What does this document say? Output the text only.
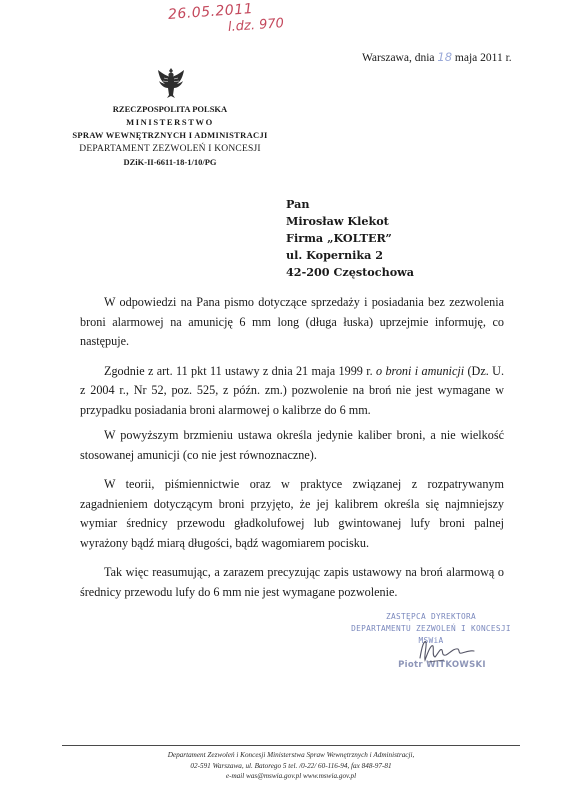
26.05.2011
l.dz. 970
Warszawa, dnia 18 maja 2011 r.
RZECZPOSPOLITA POLSKA
MINISTERSTWO
SPRAW WEWNĘTRZNYCH I ADMINISTRACJI
DEPARTAMENT ZEZWOLEŃ I KONCESJI
DZiK-II-6611-18-1/10/PG
Pan
Mirosław Klekot
Firma „KOLTER”
ul. Kopernika 2
42-200 Częstochowa

W odpowiedzi na Pana pismo dotyczące sprzedaży i posiadania bez zezwolenia broni alarmowej na amunicję 6 mm long (długa łuska) uprzejmie informuję, co następuje.

Zgodnie z art. 11 pkt 11 ustawy z dnia 21 maja 1999 r. o broni i amunicji (Dz. U. z 2004 r., Nr 52, poz. 525, z późn. zm.) pozwolenie na broń nie jest wymagane w przypadku posiadania broni alarmowej o kalibrze do 6 mm.

W powyższym brzmieniu ustawa określa jedynie kaliber broni, a nie wielkość stosowanej amunicji (co nie jest równoznaczne).

W teorii, piśmiennictwie oraz w praktyce związanej z rozpatrywanym zagadnieniem dotyczącym broni przyjęto, że jej kalibrem określa się najmniejszy wymiar średnicy przewodu gładkolufowej lub gwintowanej lufy broni palnej wyrażony bądź miarą długości, bądź wagomiarem pocisku.

Tak więc reasumując, a zarazem precyzując zapis ustawowy na broń alarmową o średnicy przewodu lufy do 6 mm nie jest wymagane pozwolenie.

ZASTĘPCA DYREKTORA
DEPARTAMENTU ZEZWOLEŃ I KONCESJI
MSWiA
Piotr WITKOWSKI
Departament Zezwoleń i Koncesji Ministerstwa Spraw Wewnętrznych i Administracji,
02-591 Warszawa, ul. Batorego 5 tel. /0-22/ 60-116-94, fax 848-97-81
e-mail was@mswia.gov.pl www.mswia.gov.pl
